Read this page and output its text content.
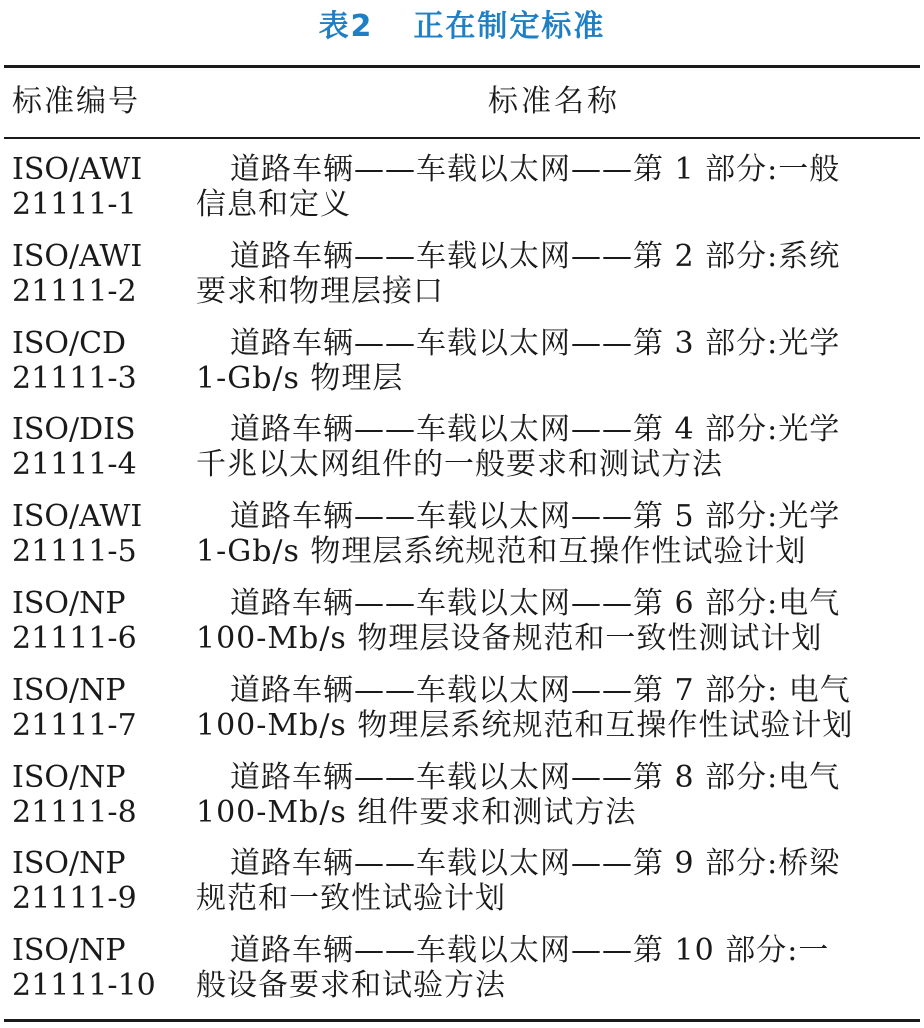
表2 正在制定标准
标准编号	标准名称
ISO/AWI
21111-1
道路车辆——车载以太网——第 1 部分:一般
信息和定义
ISO/AWI
21111-2
道路车辆——车载以太网——第 2 部分:系统
要求和物理层接口
ISO/CD
21111-3
道路车辆——车载以太网——第 3 部分:光学
1-Gb/s 物理层
ISO/DIS
21111-4
道路车辆——车载以太网——第 4 部分:光学
千兆以太网组件的一般要求和测试方法
ISO/AWI
21111-5
道路车辆——车载以太网——第 5 部分:光学
1-Gb/s 物理层系统规范和互操作性试验计划
ISO/NP
21111-6
道路车辆——车载以太网——第 6 部分:电气
100-Mb/s 物理层设备规范和一致性测试计划
ISO/NP
21111-7
道路车辆——车载以太网——第 7 部分: 电气
100-Mb/s 物理层系统规范和互操作性试验计划
ISO/NP
21111-8
道路车辆——车载以太网——第 8 部分:电气
100-Mb/s 组件要求和测试方法
ISO/NP
21111-9
道路车辆——车载以太网——第 9 部分:桥梁
规范和一致性试验计划
ISO/NP
21111-10
道路车辆——车载以太网——第 10 部分:一
般设备要求和试验方法
